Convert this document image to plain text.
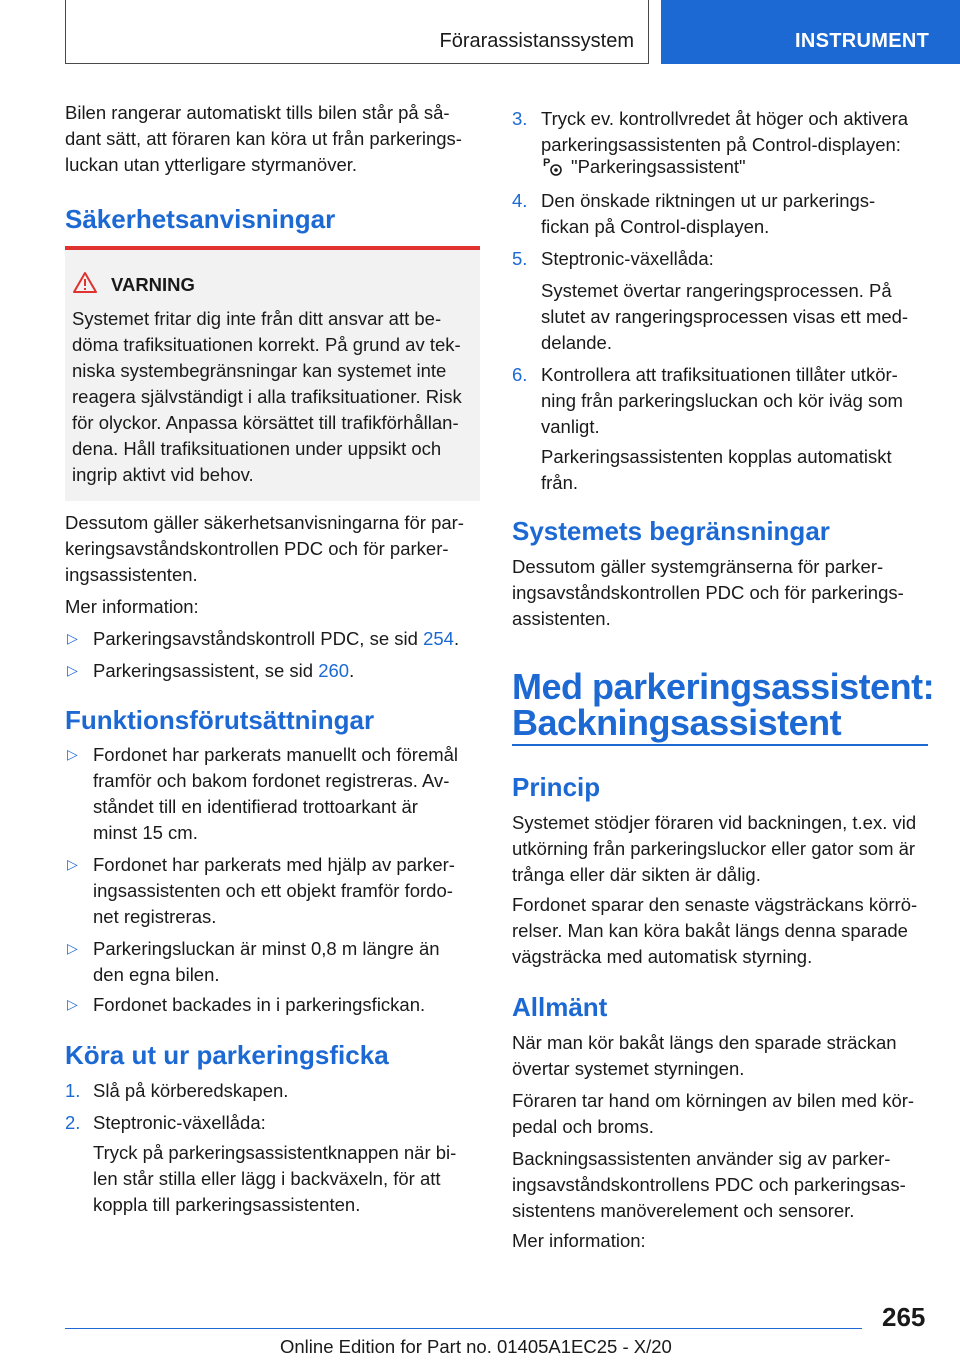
Förarassistanssystem	INSTRUMENT
Bilen rangerar automatiskt tills bilen står på så-
dant sätt, att föraren kan köra ut från parkerings-
luckan utan ytterligare styrmanöver.
Säkerhetsanvisningar
VARNING
Systemet fritar dig inte från ditt ansvar att be-
döma trafiksituationen korrekt. På grund av tek-
niska systembegränsningar kan systemet inte
reagera självständigt i alla trafiksituationer. Risk
för olyckor. Anpassa körsättet till trafikförhållan-
dena. Håll trafiksituationen under uppsikt och
ingrip aktivt vid behov.
Dessutom gäller säkerhetsanvisningarna för par-
keringsavståndskontrollen PDC och för parker-
ingsassistenten.
Mer information:
▷ Parkeringsavståndskontroll PDC, se sid 254.
▷ Parkeringsassistent, se sid 260.
Funktionsförutsättningar
▷ Fordonet har parkerats manuellt och föremål
framför och bakom fordonet registreras. Av-
ståndet till en identifierad trottoarkant är
minst 15 cm.
▷ Fordonet har parkerats med hjälp av parker-
ingsassistenten och ett objekt framför fordo-
net registreras.
▷ Parkeringsluckan är minst 0,8 m längre än
den egna bilen.
▷ Fordonet backades in i parkeringsfickan.
Köra ut ur parkeringsficka
1. Slå på körberedskapen.
2. Steptronic-växellåda:
Tryck på parkeringsassistentknappen när bi-
len står stilla eller lägg i backväxeln, för att
koppla till parkeringsassistenten.
3. Tryck ev. kontrollvredet åt höger och aktivera
parkeringsassistenten på Control-displayen:
P "Parkeringsassistent"
4. Den önskade riktningen ut ur parkerings-
fickan på Control-displayen.
5. Steptronic-växellåda:
Systemet övertar rangeringsprocessen. På
slutet av rangeringsprocessen visas ett med-
delande.
6. Kontrollera att trafiksituationen tillåter utkör-
ning från parkeringsluckan och kör iväg som
vanligt.
Parkeringsassistenten kopplas automatiskt
från.
Systemets begränsningar
Dessutom gäller systemgränserna för parker-
ingsavståndskontrollen PDC och för parkerings-
assistenten.
Med parkeringsassistent:
Backningsassistent
Princip
Systemet stödjer föraren vid backningen, t.ex. vid
utkörning från parkeringsluckor eller gator som är
trånga eller där sikten är dålig.
Fordonet sparar den senaste vägsträckans körrö-
relser. Man kan köra bakåt längs denna sparade
vägsträcka med automatisk styrning.
Allmänt
När man kör bakåt längs den sparade sträckan
övertar systemet styrningen.
Föraren tar hand om körningen av bilen med kör-
pedal och broms.
Backningsassistenten använder sig av parker-
ingsavståndskontrollens PDC och parkeringsas-
sistentens manöverelement och sensorer.
Mer information:
265
Online Edition for Part no. 01405A1EC25 - X/20
